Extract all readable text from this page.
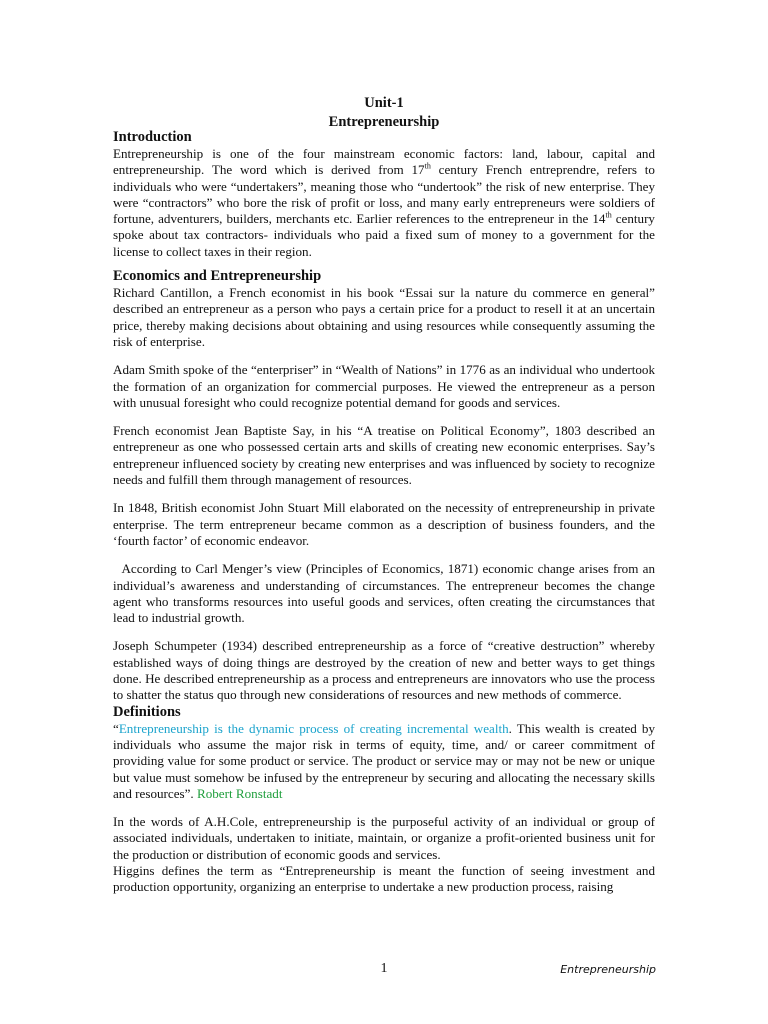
Unit-1
Entrepreneurship
Introduction

Entrepreneurship is one of the four mainstream economic factors: land, labour, capital and entrepreneurship. The word which is derived from 17th century French entreprendre, refers to individuals who were “undertakers”, meaning those who “undertook” the risk of new enterprise. They were “contractors” who bore the risk of profit or loss, and many early entrepreneurs were soldiers of fortune, adventurers, builders, merchants etc. Earlier references to the entrepreneur in the 14th century spoke about tax contractors- individuals who paid a fixed sum of money to a government for the license to collect taxes in their region.

Economics and Entrepreneurship

Richard Cantillon, a French economist in his book “Essai sur la nature du commerce en general” described an entrepreneur as a person who pays a certain price for a product to resell it at an uncertain price, thereby making decisions about obtaining and using resources while consequently assuming the risk of enterprise.

Adam Smith spoke of the “enterpriser” in “Wealth of Nations” in 1776 as an individual who undertook the formation of an organization for commercial purposes. He viewed the entrepreneur as a person with unusual foresight who could recognize potential demand for goods and services.

French economist Jean Baptiste Say, in his “A treatise on Political Economy”, 1803 described an entrepreneur as one who possessed certain arts and skills of creating new economic enterprises. Say’s entrepreneur influenced society by creating new enterprises and was influenced by society to recognize needs and fulfill them through management of resources.

In 1848, British economist John Stuart Mill elaborated on the necessity of entrepreneurship in private enterprise. The term entrepreneur became common as a description of business founders, and the ‘fourth factor’ of economic endeavor.

According to Carl Menger’s view (Principles of Economics, 1871) economic change arises from an individual’s awareness and understanding of circumstances. The entrepreneur becomes the change agent who transforms resources into useful goods and services, often creating the circumstances that lead to industrial growth.

Joseph Schumpeter (1934) described entrepreneurship as a force of “creative destruction” whereby established ways of doing things are destroyed by the creation of new and better ways to get things done. He described entrepreneurship as a process and entrepreneurs are innovators who use the process to shatter the status quo through new considerations of resources and new methods of commerce.

Definitions

“Entrepreneurship is the dynamic process of creating incremental wealth. This wealth is created by individuals who assume the major risk in terms of equity, time, and/ or career commitment of providing value for some product or service. The product or service may or may not be new or unique but value must somehow be infused by the entrepreneur by securing and allocating the necessary skills and resources”. Robert Ronstadt

In the words of A.H.Cole, entrepreneurship is the purposeful activity of an individual or group of associated individuals, undertaken to initiate, maintain, or organize a profit-oriented business unit for the production or distribution of economic goods and services.

Higgins defines the term as “Entrepreneurship is meant the function of seeing investment and production opportunity, organizing an enterprise to undertake a new production process, raising

1	Entrepreneurship
